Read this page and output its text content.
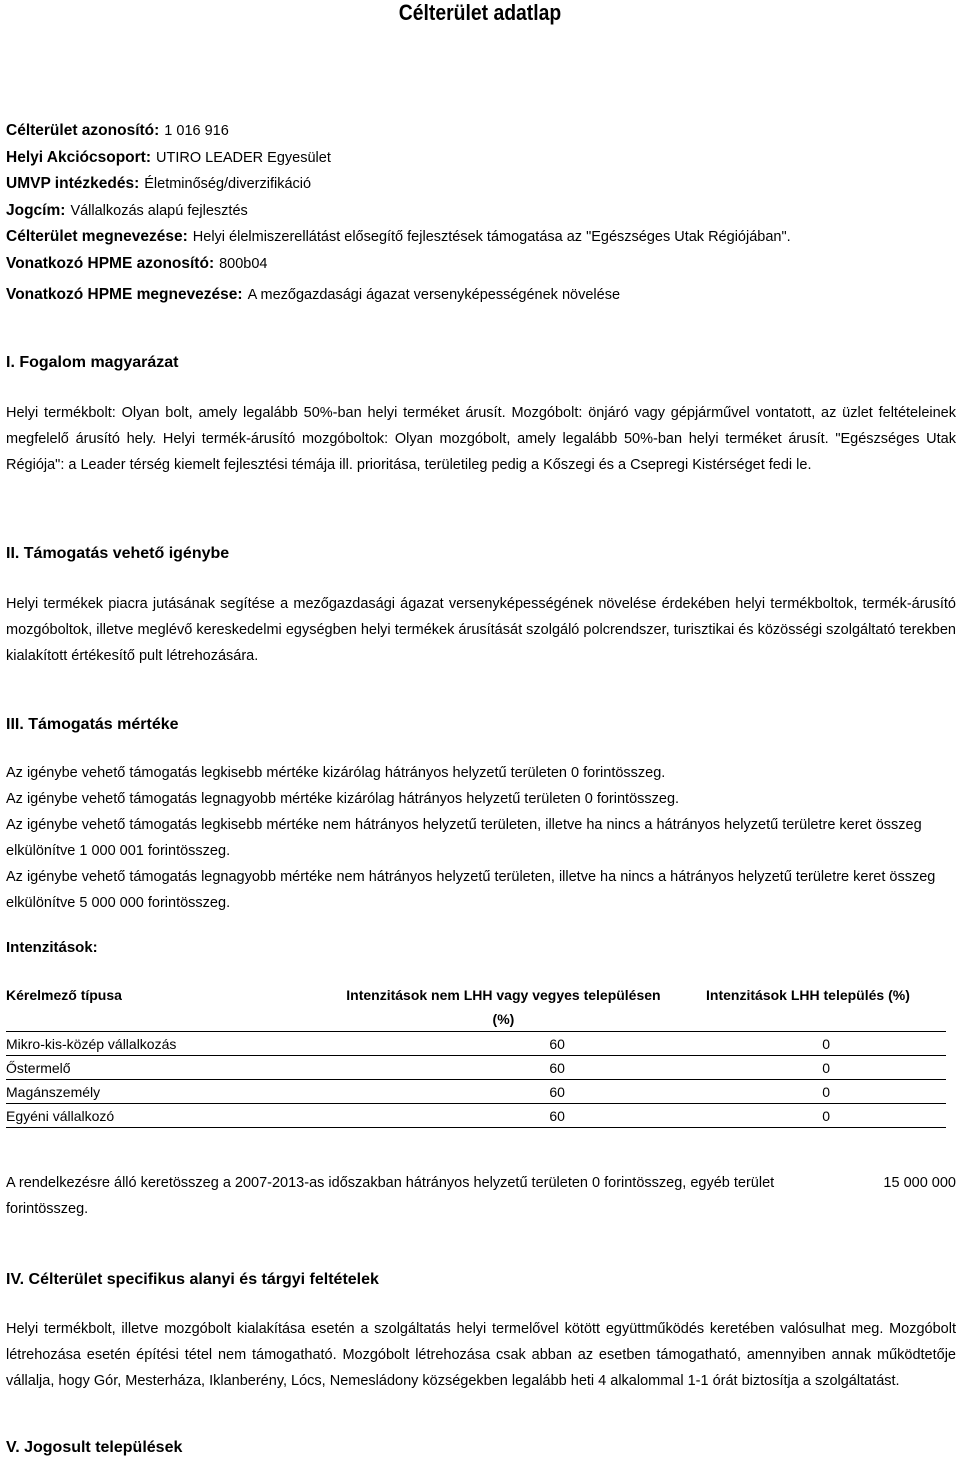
Célterület adatlap
Célterület azonosító: 1 016 916
Helyi Akciócsoport: UTIRO LEADER Egyesület
UMVP intézkedés: Életminőség/diverzifikáció
Jogcím: Vállalkozás alapú fejlesztés
Célterület megnevezése: Helyi élelmiszerellátást elősegítő fejlesztések támogatása az "Egészséges Utak Régiójában".
Vonatkozó HPME azonosító: 800b04
Vonatkozó HPME megnevezése: A mezőgazdasági ágazat versenyképességének növelése
I. Fogalom magyarázat
Helyi termékbolt: Olyan bolt, amely legalább 50%-ban helyi terméket árusít. Mozgóbolt: önjáró vagy gépjárművel vontatott, az üzlet feltételeinek megfelelő árusító hely. Helyi termék-árusító mozgóboltok: Olyan mozgóbolt, amely legalább 50%-ban helyi terméket árusít. "Egészséges Utak Régiója": a Leader térség kiemelt fejlesztési témája ill. prioritása, területileg pedig a Kőszegi és a Csepregi Kistérséget fedi le.
II. Támogatás vehető igénybe
Helyi termékek piacra jutásának segítése a mezőgazdasági ágazat versenyképességének növelése érdekében helyi termékboltok, termék-árusító mozgóboltok, illetve meglévő kereskedelmi egységben helyi termékek árusítását szolgáló polcrendszer, turisztikai és közösségi szolgáltató terekben kialakított értékesítő pult létrehozására.
III. Támogatás mértéke

Az igénybe vehető támogatás legkisebb mértéke kizárólag hátrányos helyzetű területen 0 forintösszeg.

Az igénybe vehető támogatás legnagyobb mértéke kizárólag hátrányos helyzetű területen 0 forintösszeg.

Az igénybe vehető támogatás legkisebb mértéke nem hátrányos helyzetű területen, illetve ha nincs a hátrányos helyzetű területre keret összeg elkülönítve 1 000 001 forintösszeg.

Az igénybe vehető támogatás legnagyobb mértéke nem hátrányos helyzetű területen, illetve ha nincs a hátrányos helyzetű területre keret összeg elkülönítve 5 000 000 forintösszeg.

Intenzitások:
Kérelmező típusa	Intenzitások nem LHH vagy vegyes településen (%)	Intenzitások LHH település (%)
Mikro-kis-közép vállalkozás	60	0
Őstermelő	60	0
Magánszemély	60	0
Egyéni vállalkozó	60	0
A rendelkezésre álló keretösszeg a 2007-2013-as időszakban hátrányos helyzetű területen 0 forintösszeg, egyéb terület	15 000 000
forintösszeg.
IV. Célterület specifikus alanyi és tárgyi feltételek
Helyi termékbolt, illetve mozgóbolt kialakítása esetén a szolgáltatás helyi termelővel kötött együttműködés keretében valósulhat meg. Mozgóbolt létrehozása esetén építési tétel nem támogatható. Mozgóbolt létrehozása csak abban az esetben támogatható, amennyiben annak működtetője vállalja, hogy Gór, Mesterháza, Iklanberény, Lócs, Nemesládony községekben legalább heti 4 alkalommal 1-1 órát biztosítja a szolgáltatást.
V. Jogosult települések
